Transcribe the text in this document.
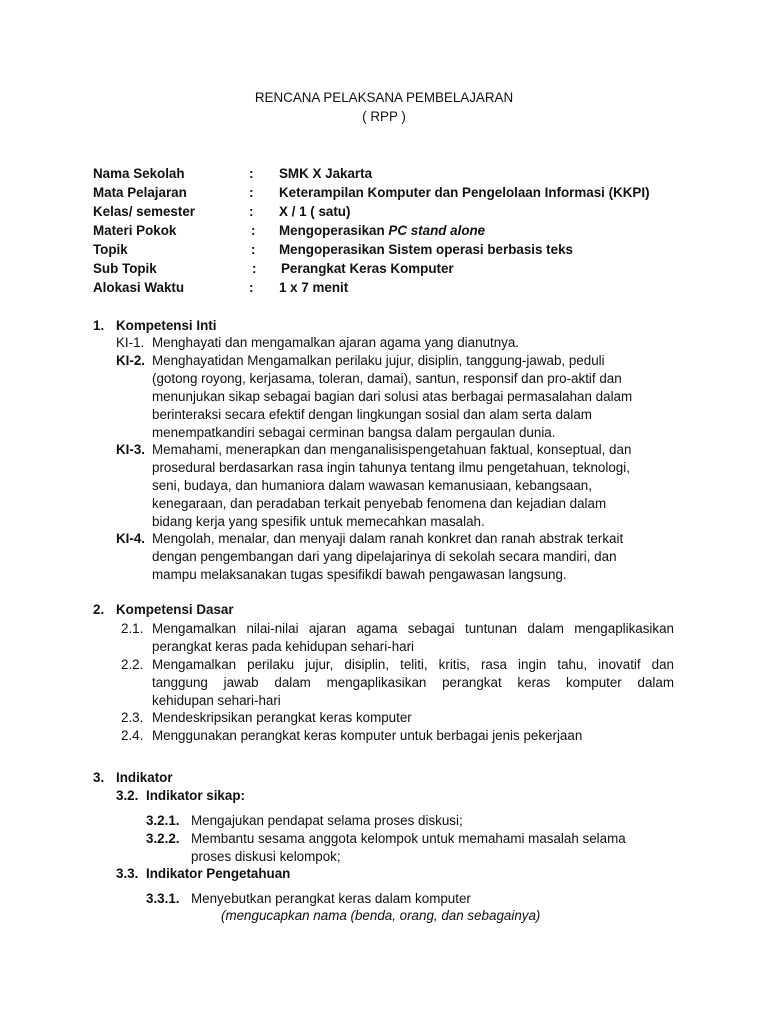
RENCANA PELAKSANA PEMBELAJARAN
( RPP )
Nama Sekolah	: SMK X Jakarta
Mata Pelajaran	: Keterampilan Komputer dan Pengelolaan Informasi (KKPI)
Kelas/ semester	: X / 1 ( satu)
Materi Pokok	: Mengoperasikan PC stand alone
Topik	: Mengoperasikan Sistem operasi berbasis teks
Sub Topik	: Perangkat Keras Komputer
Alokasi Waktu	: 1 x 7 menit
1. Kompetensi Inti
KI-1. Menghayati dan mengamalkan ajaran agama yang dianutnya.
KI-2. Menghayatidan Mengamalkan perilaku jujur, disiplin, tanggung-jawab, peduli
(gotong royong, kerjasama, toleran, damai), santun, responsif dan pro-aktif dan
menunjukan sikap sebagai bagian dari solusi atas berbagai permasalahan dalam
berinteraksi secara efektif dengan lingkungan sosial dan alam serta dalam
menempatkandiri sebagai cerminan bangsa dalam pergaulan dunia.
KI-3. Memahami, menerapkan dan menganalisispengetahuan faktual, konseptual, dan
prosedural berdasarkan rasa ingin tahunya tentang ilmu pengetahuan, teknologi,
seni, budaya, dan humaniora dalam wawasan kemanusiaan, kebangsaan,
kenegaraan, dan peradaban terkait penyebab fenomena dan kejadian dalam
bidang kerja yang spesifik untuk memecahkan masalah.
KI-4. Mengolah, menalar, dan menyaji dalam ranah konkret dan ranah abstrak terkait
dengan pengembangan dari yang dipelajarinya di sekolah secara mandiri, dan
mampu melaksanakan tugas spesifikdi bawah pengawasan langsung.
2. Kompetensi Dasar
2.1. Mengamalkan nilai-nilai ajaran agama sebagai tuntunan dalam mengaplikasikan
perangkat keras pada kehidupan sehari-hari
2.2. Mengamalkan perilaku jujur, disiplin, teliti, kritis, rasa ingin tahu, inovatif dan
tanggung jawab dalam mengaplikasikan perangkat keras komputer dalam
kehidupan sehari-hari
2.3. Mendeskripsikan perangkat keras komputer
2.4. Menggunakan perangkat keras komputer untuk berbagai jenis pekerjaan
3. Indikator
3.2. Indikator sikap:
3.2.1. Mengajukan pendapat selama proses diskusi;
3.2.2. Membantu sesama anggota kelompok untuk memahami masalah selama
proses diskusi kelompok;
3.3. Indikator Pengetahuan
3.3.1. Menyebutkan perangkat keras dalam komputer
(mengucapkan nama (benda, orang, dan sebagainya)
